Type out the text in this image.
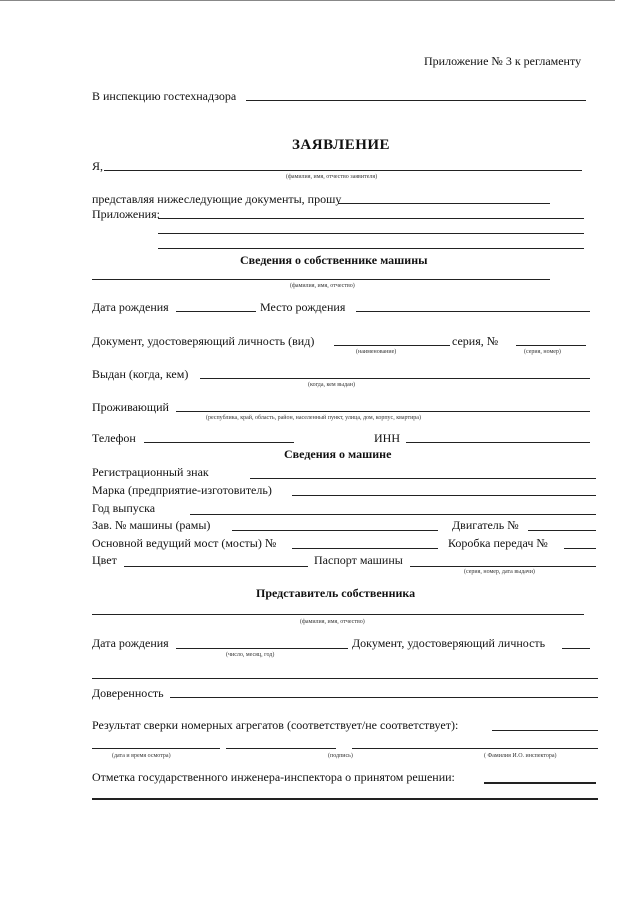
Приложение № 3 к регламенту
В инспекцию гостехнадзора
ЗАЯВЛЕНИЕ
Я,
(фамилия, имя, отчество заявителя)
представляя нижеследующие документы, прошу
Приложения:
Сведения о собственнике машины
(фамилия, имя, отчество)
Дата рождения	Место рождения
Документ, удостоверяющий личность (вид)	серия, №
(наименование)	(серия, номер)
Выдан (когда, кем)
(когда, кем выдан)
Проживающий
(республика, край, область, район, населенный пункт, улица, дом, корпус, квартира)
Телефон	ИНН
Сведения о машине
Регистрационный знак
Марка (предприятие-изготовитель)
Год выпуска
Зав. № машины (рамы)	Двигатель №
Основной ведущий мост (мосты) №	Коробка передач №
Цвет	Паспорт машины
(серия, номер, дата выдачи)
Представитель собственника
(фамилия, имя, отчество)
Дата рождения
(число, месяц, год)
Документ, удостоверяющий личность
Доверенность
Результат сверки номерных агрегатов (соответствует/не соответствует):
(дата и время осмотра)	(подпись)	( Фамилия И.О. инспектора)
Отметка государственного инженера-инспектора о принятом решении:
